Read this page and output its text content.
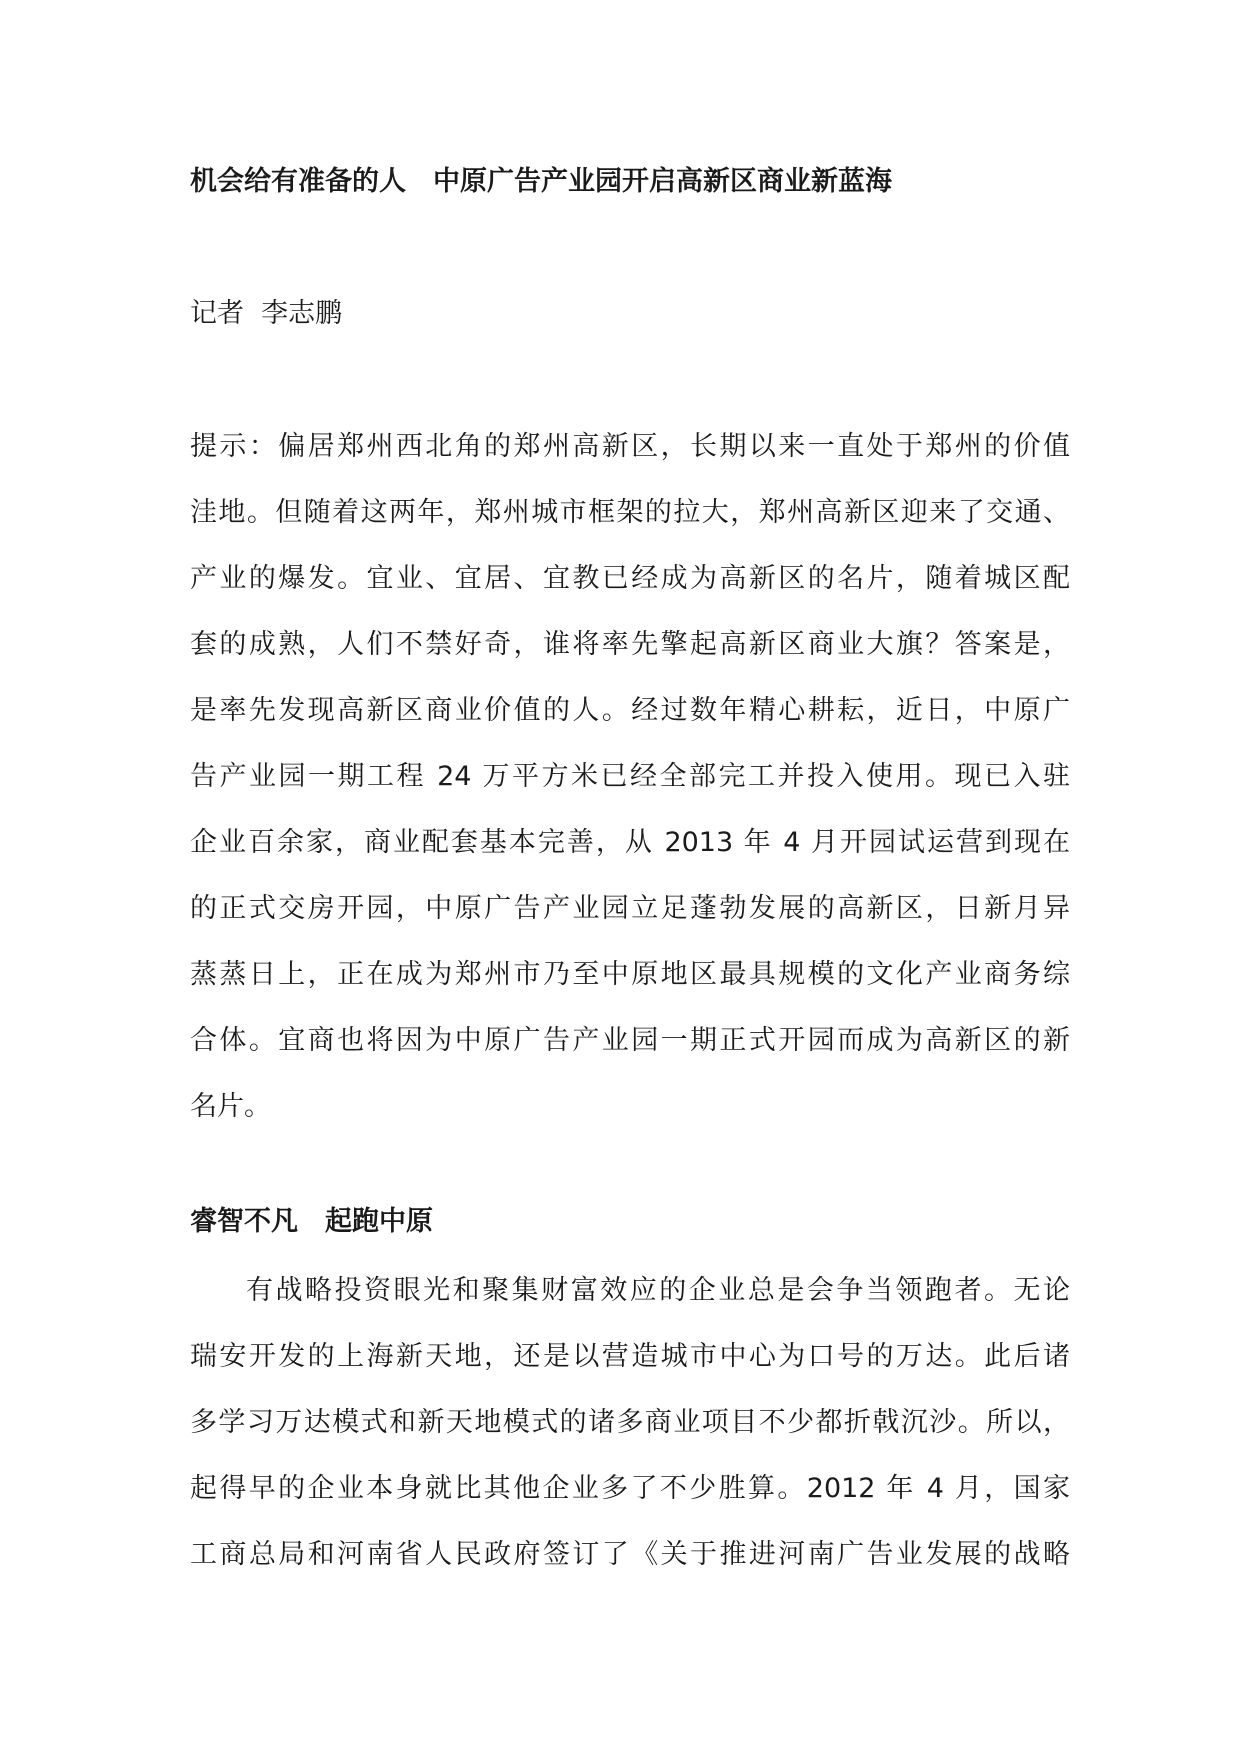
机会给有准备的人　中原广告产业园开启高新区商业新蓝海

记者  李志鹏

提示：偏居郑州西北角的郑州高新区，长期以来一直处于郑州的价值
洼地。但随着这两年，郑州城市框架的拉大，郑州高新区迎来了交通、
产业的爆发。宜业、宜居、宜教已经成为高新区的名片，随着城区配
套的成熟，人们不禁好奇，谁将率先擎起高新区商业大旗？答案是，
是率先发现高新区商业价值的人。经过数年精心耕耘，近日，中原广
告产业园一期工程 24 万平方米已经全部完工并投入使用。现已入驻
企业百余家，商业配套基本完善，从 2013 年 4 月开园试运营到现在
的正式交房开园，中原广告产业园立足蓬勃发展的高新区，日新月异
蒸蒸日上，正在成为郑州市乃至中原地区最具规模的文化产业商务综
合体。宜商也将因为中原广告产业园一期正式开园而成为高新区的新
名片。
睿智不凡　起跑中原
有战略投资眼光和聚集财富效应的企业总是会争当领跑者。无论
瑞安开发的上海新天地，还是以营造城市中心为口号的万达。此后诸
多学习万达模式和新天地模式的诸多商业项目不少都折戟沉沙。所以，
起得早的企业本身就比其他企业多了不少胜算。2012 年 4 月，国家
工商总局和河南省人民政府签订了《关于推进河南广告业发展的战略
